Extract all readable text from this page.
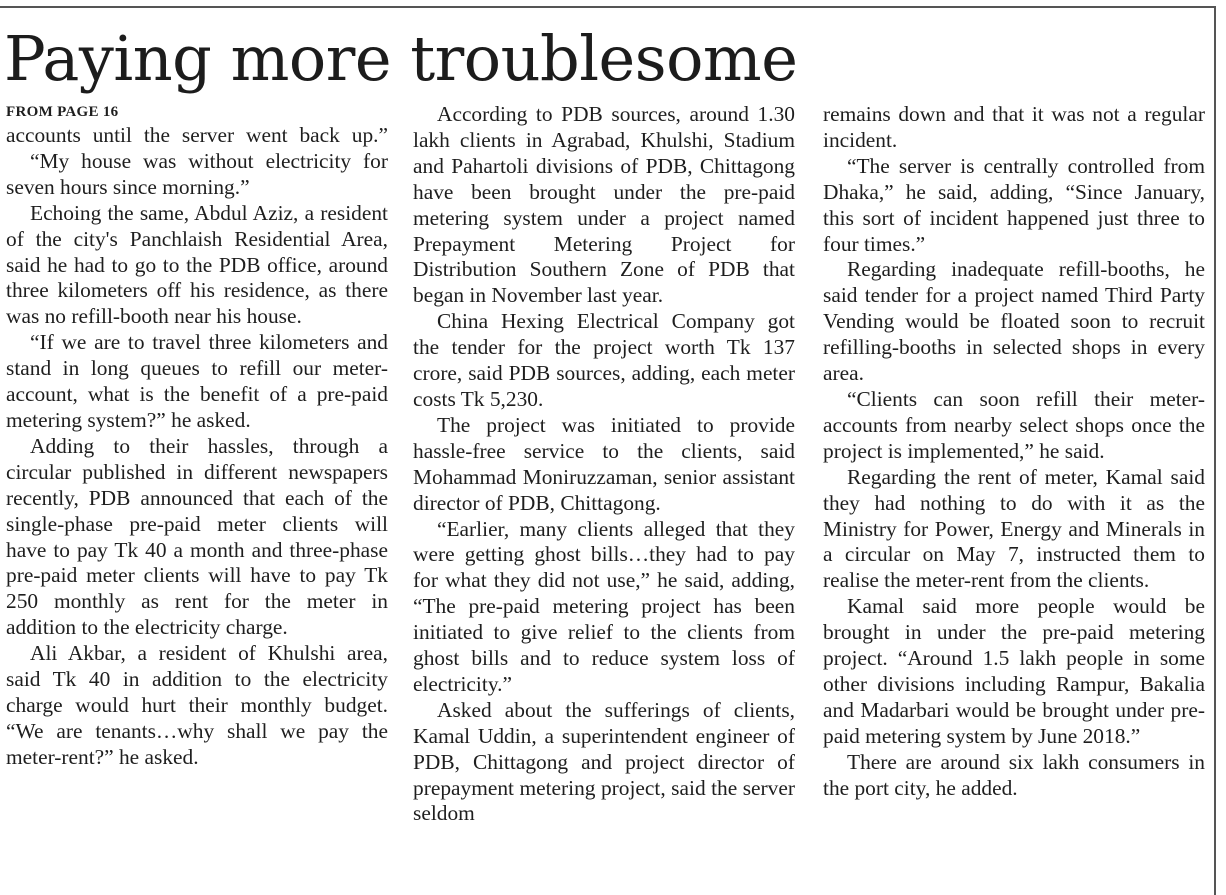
Paying more troublesome
FROM PAGE 16

accounts until the server went back up.”

“My house was without electricity for seven hours since morning.”

Echoing the same, Abdul Aziz, a resident of the city's Panchlaish Residential Area, said he had to go to the PDB office, around three kilometers off his residence, as there was no refill-booth near his house.

“If we are to travel three kilometers and stand in long queues to refill our meter-account, what is the benefit of a pre-paid metering system?” he asked.

Adding to their hassles, through a circular published in different newspapers recently, PDB announced that each of the single-phase pre-paid meter clients will have to pay Tk 40 a month and three-phase pre-paid meter clients will have to pay Tk 250 monthly as rent for the meter in addition to the electricity charge.

Ali Akbar, a resident of Khulshi area, said Tk 40 in addition to the electricity charge would hurt their monthly budget. “We are tenants…why shall we pay the meter-rent?” he asked.

According to PDB sources, around 1.30 lakh clients in Agrabad, Khulshi, Stadium and Pahartoli divisions of PDB, Chittagong have been brought under the pre-paid metering system under a project named Prepayment Metering Project for Distribution Southern Zone of PDB that began in November last year.

China Hexing Electrical Company got the tender for the project worth Tk 137 crore, said PDB sources, adding, each meter costs Tk 5,230.

The project was initiated to provide hassle-free service to the clients, said Mohammad Moniruzzaman, senior assistant director of PDB, Chittagong.

“Earlier, many clients alleged that they were getting ghost bills…they had to pay for what they did not use,” he said, adding, “The pre-paid metering project has been initiated to give relief to the clients from ghost bills and to reduce system loss of electricity.”

Asked about the sufferings of clients, Kamal Uddin, a superintendent engineer of PDB, Chittagong and project director of prepayment metering project, said the server seldom

remains down and that it was not a regular incident.

“The server is centrally controlled from Dhaka,” he said, adding, “Since January, this sort of incident happened just three to four times.”

Regarding inadequate refill-booths, he said tender for a project named Third Party Vending would be floated soon to recruit refilling-booths in selected shops in every area.

“Clients can soon refill their meter-accounts from nearby select shops once the project is implemented,” he said.

Regarding the rent of meter, Kamal said they had nothing to do with it as the Ministry for Power, Energy and Minerals in a circular on May 7, instructed them to realise the meter-rent from the clients.

Kamal said more people would be brought in under the pre-paid metering project. “Around 1.5 lakh people in some other divisions including Rampur, Bakalia and Madarbari would be brought under pre-paid metering system by June 2018.”

There are around six lakh consumers in the port city, he added.
